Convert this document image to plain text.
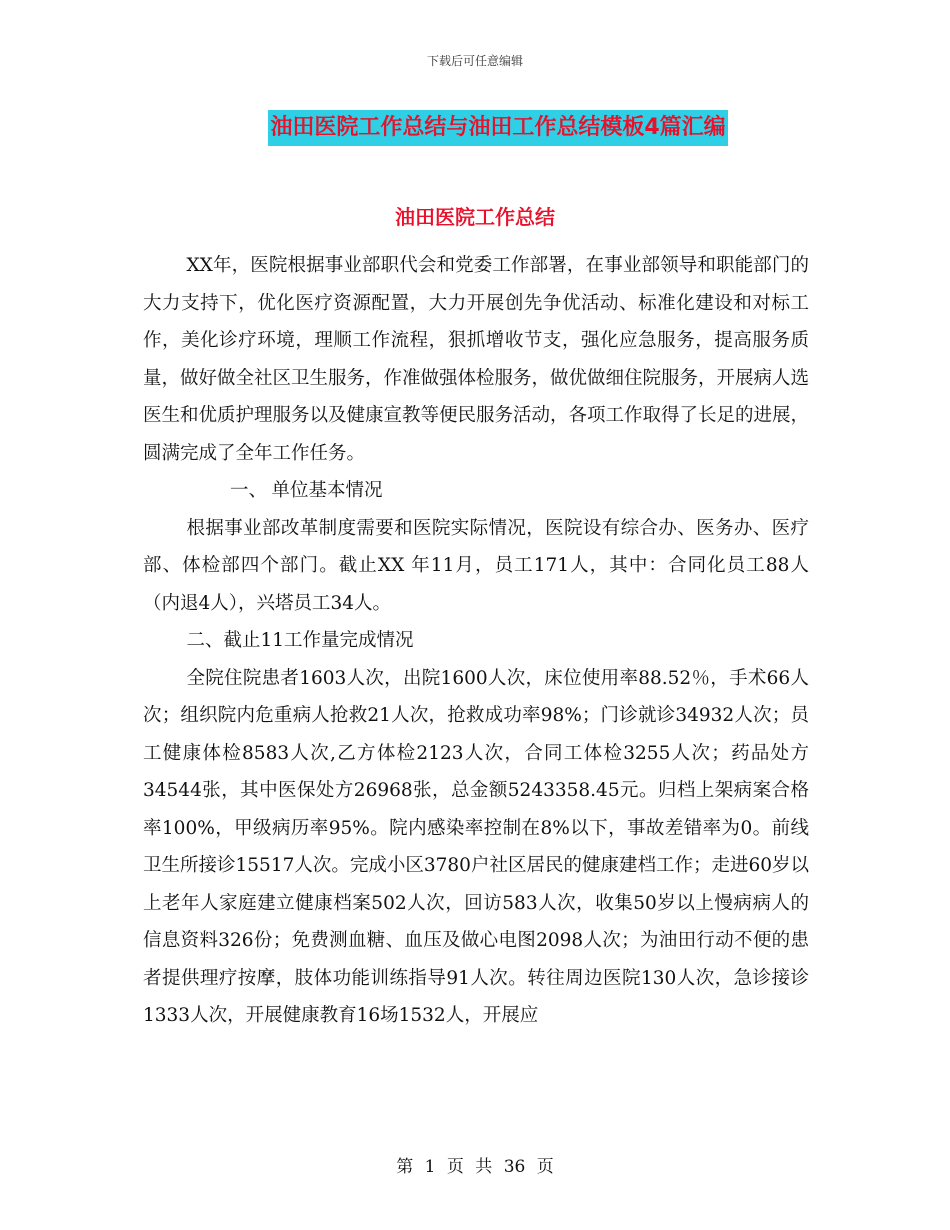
下载后可任意编辑
油田医院工作总结与油田工作总结模板4篇汇编
油田医院工作总结

XX年，医院根据事业部职代会和党委工作部署，在事业部领导和职能部门的大力支持下，优化医疗资源配置，大力开展创先争优活动、标准化建设和对标工作，美化诊疗环境，理顺工作流程，狠抓增收节支，强化应急服务，提高服务质量，做好做全社区卫生服务，作准做强体检服务，做优做细住院服务，开展病人选医生和优质护理服务以及健康宣教等便民服务活动，各项工作取得了长足的进展，圆满完成了全年工作任务。

一、 单位基本情况

根据事业部改革制度需要和医院实际情况，医院设有综合办、医务办、医疗部、体检部四个部门。截止XX 年11月，员工171人，其中：合同化员工88人（内退4人），兴塔员工34人。

二、截止11工作量完成情况

全院住院患者1603人次，出院1600人次，床位使用率88.52％，手术66人次；组织院内危重病人抢救21人次，抢救成功率98%；门诊就诊34932人次；员工健康体检8583人次,乙方体检2123人次，合同工体检3255人次；药品处方34544张，其中医保处方26968张，总金额5243358.45元。归档上架病案合格率100%，甲级病历率95%。院内感染率控制在8%以下，事故差错率为0。前线卫生所接诊15517人次。完成小区3780户社区居民的健康建档工作；走进60岁以上老年人家庭建立健康档案502人次，回访583人次，收集50岁以上慢病病人的信息资料326份；免费测血糖、血压及做心电图2098人次；为油田行动不便的患者提供理疗按摩，肢体功能训练指导91人次。转往周边医院130人次，急诊接诊1333人次，开展健康教育16场1532人，开展应

第 1 页 共 36 页
